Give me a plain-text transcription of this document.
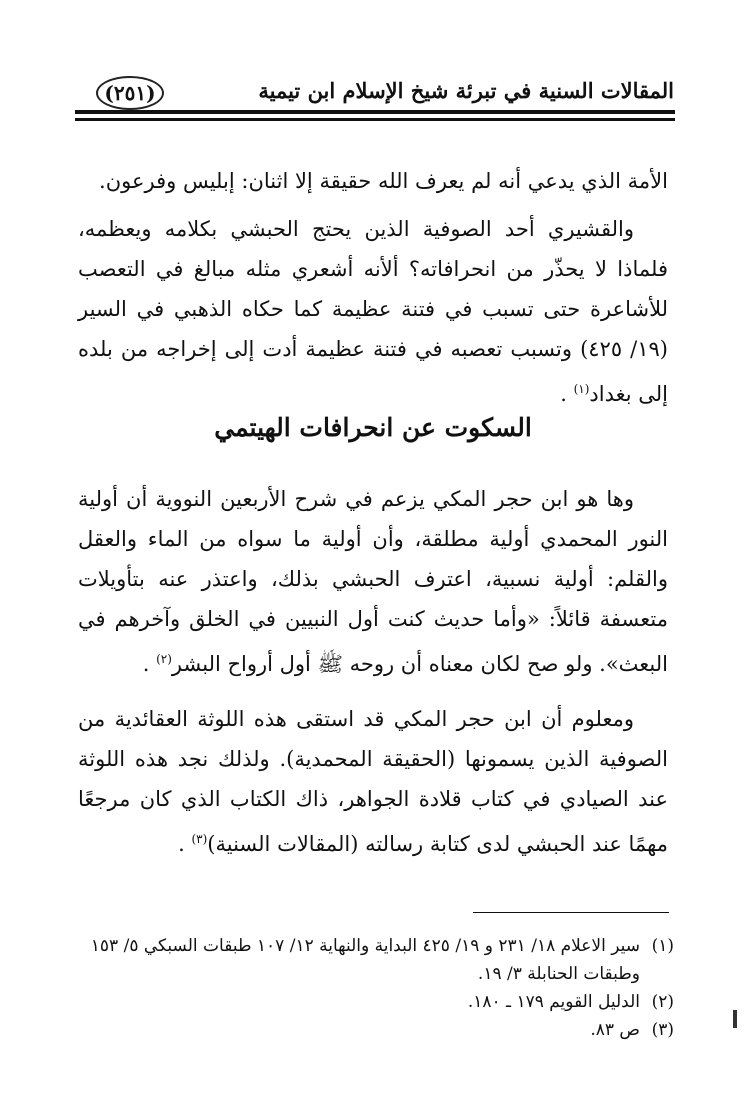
المقالات السنية في تبرئة شيخ الإسلام ابن تيمية
(٢٥١)
الأمة الذي يدعي أنه لم يعرف الله حقيقة إلا اثنان: إبليس وفرعون.
والقشيري أحد الصوفية الذين يحتج الحبشي بكلامه ويعظمه، فلماذا لا يحذّر من انحرافاته؟ ألأنه أشعري مثله مبالغ في التعصب للأشاعرة حتى تسبب في فتنة عظيمة كما حكاه الذهبي في السير (١٩/ ٤٢٥) وتسبب تعصبه في فتنة عظيمة أدت إلى إخراجه من بلده إلى بغداد$^{(١)}$ .
السكوت عن انحرافات الهيتمي
وها هو ابن حجر المكي يزعم في شرح الأربعين النووية أن أولية النور المحمدي أولية مطلقة، وأن أولية ما سواه من الماء والعقل والقلم: أولية نسبية، اعترف الحبشي بذلك، واعتذر عنه بتأويلات متعسفة قائلاً: «وأما حديث كنت أول النبيين في الخلق وآخرهم في البعث». ولو صح لكان معناه أن روحه ﷺ أول أرواح البشر$^{(٢)}$ .
ومعلوم أن ابن حجر المكي قد استقى هذه اللوثة العقائدية من الصوفية الذين يسمونها (الحقيقة المحمدية). ولذلك نجد هذه اللوثة عند الصيادي في كتاب قلادة الجواهر، ذاك الكتاب الذي كان مرجعًا مهمًا عند الحبشي لدى كتابة رسالته (المقالات السنية)$^{(٣)}$ .
(١)
سير الاعلام ١٨/ ٢٣١ و ١٩/ ٤٢٥ البداية والنهاية ١٢/ ١٠٧ طبقات السبكي ٥/ ١٥٣ وطبقات الحنابلة ٣/ ١٩.
(٢)
الدليل القويم ١٧٩ ـ ١٨٠.
(٣)
ص ٨٣.
